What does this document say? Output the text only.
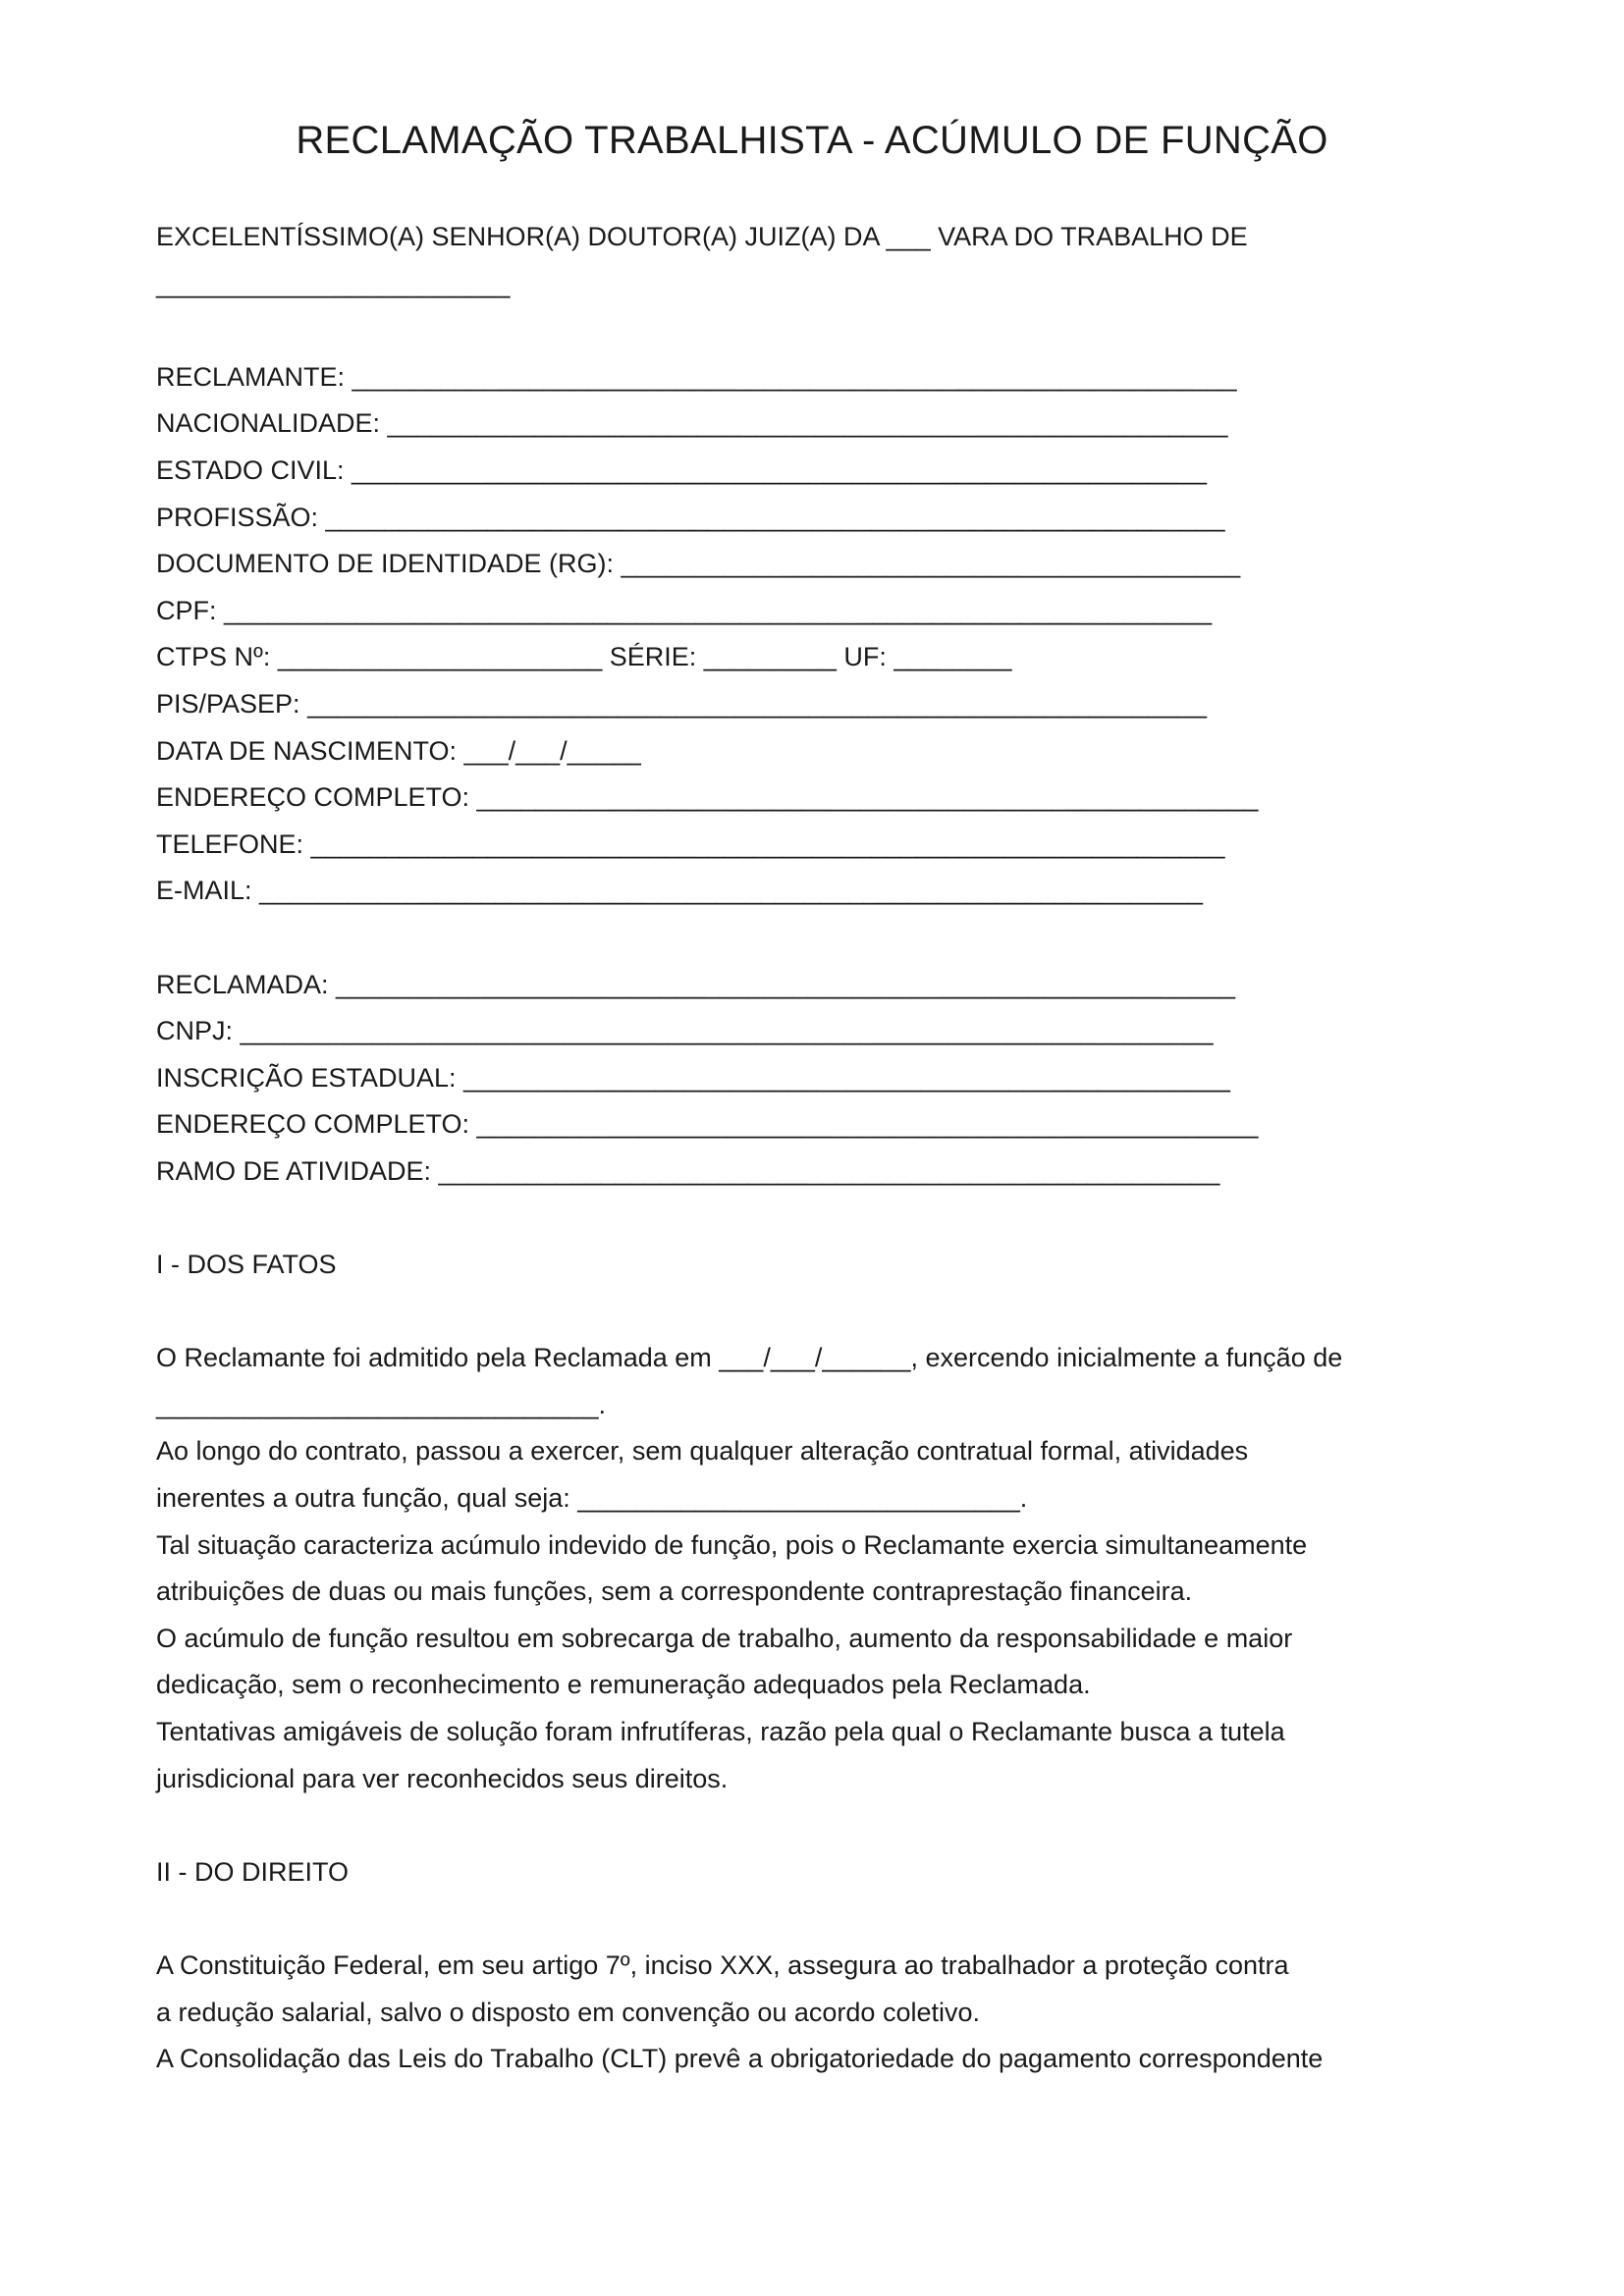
RECLAMAÇÃO TRABALHISTA - ACÚMULO DE FUNÇÃO
EXCELENTÍSSIMO(A) SENHOR(A) DOUTOR(A) JUIZ(A) DA ___ VARA DO TRABALHO DE
________________________
RECLAMANTE: ____________________________________________________________
NACIONALIDADE: _________________________________________________________
ESTADO CIVIL: __________________________________________________________
PROFISSÃO: _____________________________________________________________
DOCUMENTO DE IDENTIDADE (RG): __________________________________________
CPF: ___________________________________________________________________
CTPS Nº: ______________________ SÉRIE: _________ UF: ________
PIS/PASEP: _____________________________________________________________
DATA DE NASCIMENTO: ___/___/_____
ENDEREÇO COMPLETO: _____________________________________________________
TELEFONE: ______________________________________________________________
E-MAIL: ________________________________________________________________
RECLAMADA: _____________________________________________________________
CNPJ: __________________________________________________________________
INSCRIÇÃO ESTADUAL: ____________________________________________________
ENDEREÇO COMPLETO: _____________________________________________________
RAMO DE ATIVIDADE: _____________________________________________________
I - DOS FATOS
O Reclamante foi admitido pela Reclamada em ___/___/______, exercendo inicialmente a função de
______________________________.
Ao longo do contrato, passou a exercer, sem qualquer alteração contratual formal, atividades
inerentes a outra função, qual seja: ______________________________.
Tal situação caracteriza acúmulo indevido de função, pois o Reclamante exercia simultaneamente
atribuições de duas ou mais funções, sem a correspondente contraprestação financeira.
O acúmulo de função resultou em sobrecarga de trabalho, aumento da responsabilidade e maior
dedicação, sem o reconhecimento e remuneração adequados pela Reclamada.
Tentativas amigáveis de solução foram infrutíferas, razão pela qual o Reclamante busca a tutela
jurisdicional para ver reconhecidos seus direitos.
II - DO DIREITO
A Constituição Federal, em seu artigo 7º, inciso XXX, assegura ao trabalhador a proteção contra
a redução salarial, salvo o disposto em convenção ou acordo coletivo.
A Consolidação das Leis do Trabalho (CLT) prevê a obrigatoriedade do pagamento correspondente
